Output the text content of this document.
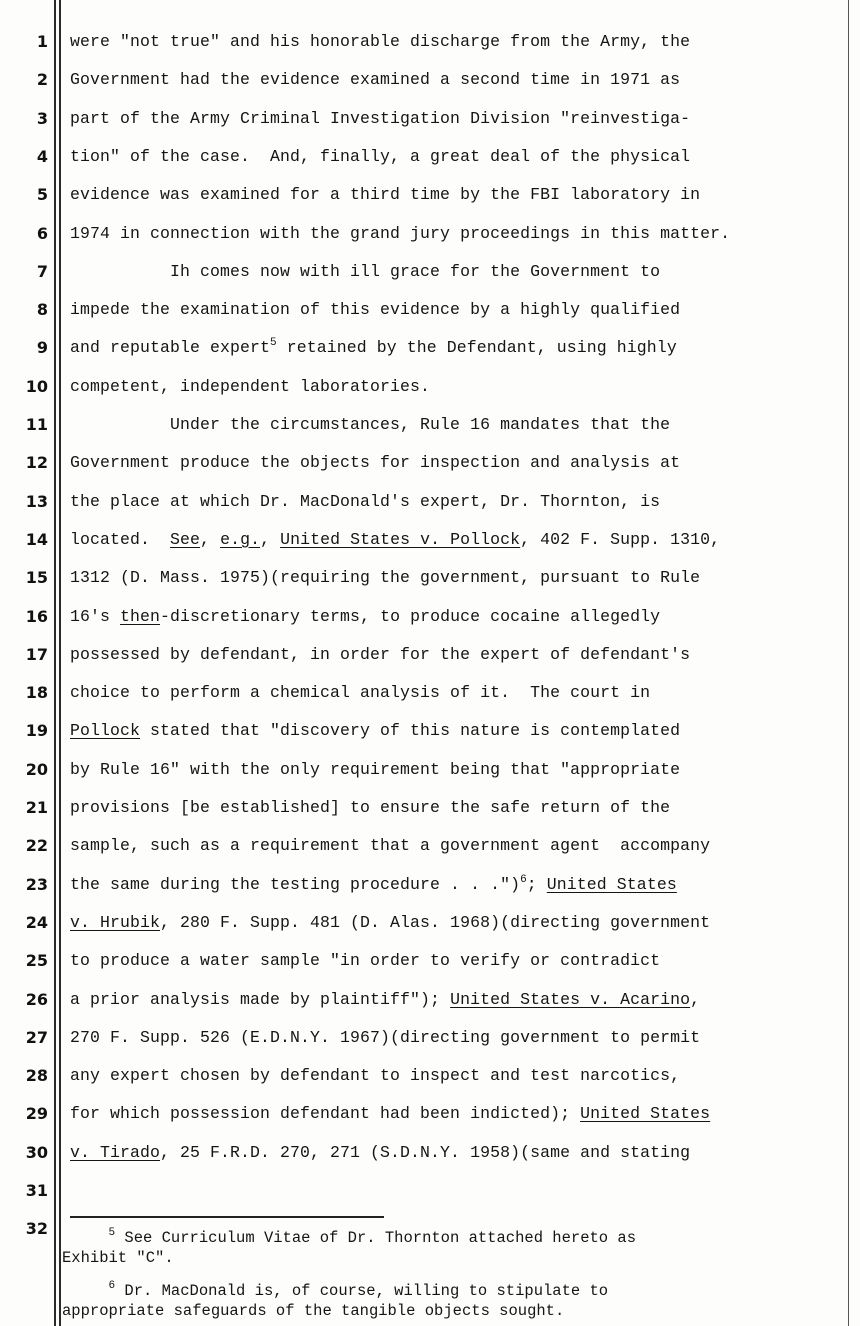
1
2
3
4
5
6
7
8
9
10
11
12
13
14
15
16
17
18
19
20
21
22
23
24
25
26
27
28
29
30
31
32
were "not true" and his honorable discharge from the Army, the
Government had the evidence examined a second time in 1971 as
part of the Army Criminal Investigation Division "reinvestiga-
tion" of the case.  And, finally, a great deal of the physical
evidence was examined for a third time by the FBI laboratory in
1974 in connection with the grand jury proceedings in this matter.
Ih comes now with ill grace for the Government to
impede the examination of this evidence by a highly qualified
and reputable expert$^5$ retained by the Defendant, using highly
competent, independent laboratories.
Under the circumstances, Rule 16 mandates that the
Government produce the objects for inspection and analysis at
the place at which Dr. MacDonald's expert, Dr. Thornton, is
located.  See, e.g., United States v. Pollock, 402 F. Supp. 1310,
1312 (D. Mass. 1975)(requiring the government, pursuant to Rule
16's then-discretionary terms, to produce cocaine allegedly
possessed by defendant, in order for the expert of defendant's
choice to perform a chemical analysis of it.  The court in
Pollock stated that "discovery of this nature is contemplated
by Rule 16" with the only requirement being that "appropriate
provisions [be established] to ensure the safe return of the
sample, such as a requirement that a government agent  accompany
the same during the testing procedure . . .")$^6$; United States
v. Hrubik, 280 F. Supp. 481 (D. Alas. 1968)(directing government
to produce a water sample "in order to verify or contradict
a prior analysis made by plaintiff"); United States v. Acarino,
270 F. Supp. 526 (E.D.N.Y. 1967)(directing government to permit
any expert chosen by defendant to inspect and test narcotics,
for which possession defendant had been indicted); United States
v. Tirado, 25 F.R.D. 270, 271 (S.D.N.Y. 1958)(same and stating
$^5$ See Curriculum Vitae of Dr. Thornton attached hereto as
Exhibit "C".
$^6$ Dr. MacDonald is, of course, willing to stipulate to
appropriate safeguards of the tangible objects sought.
